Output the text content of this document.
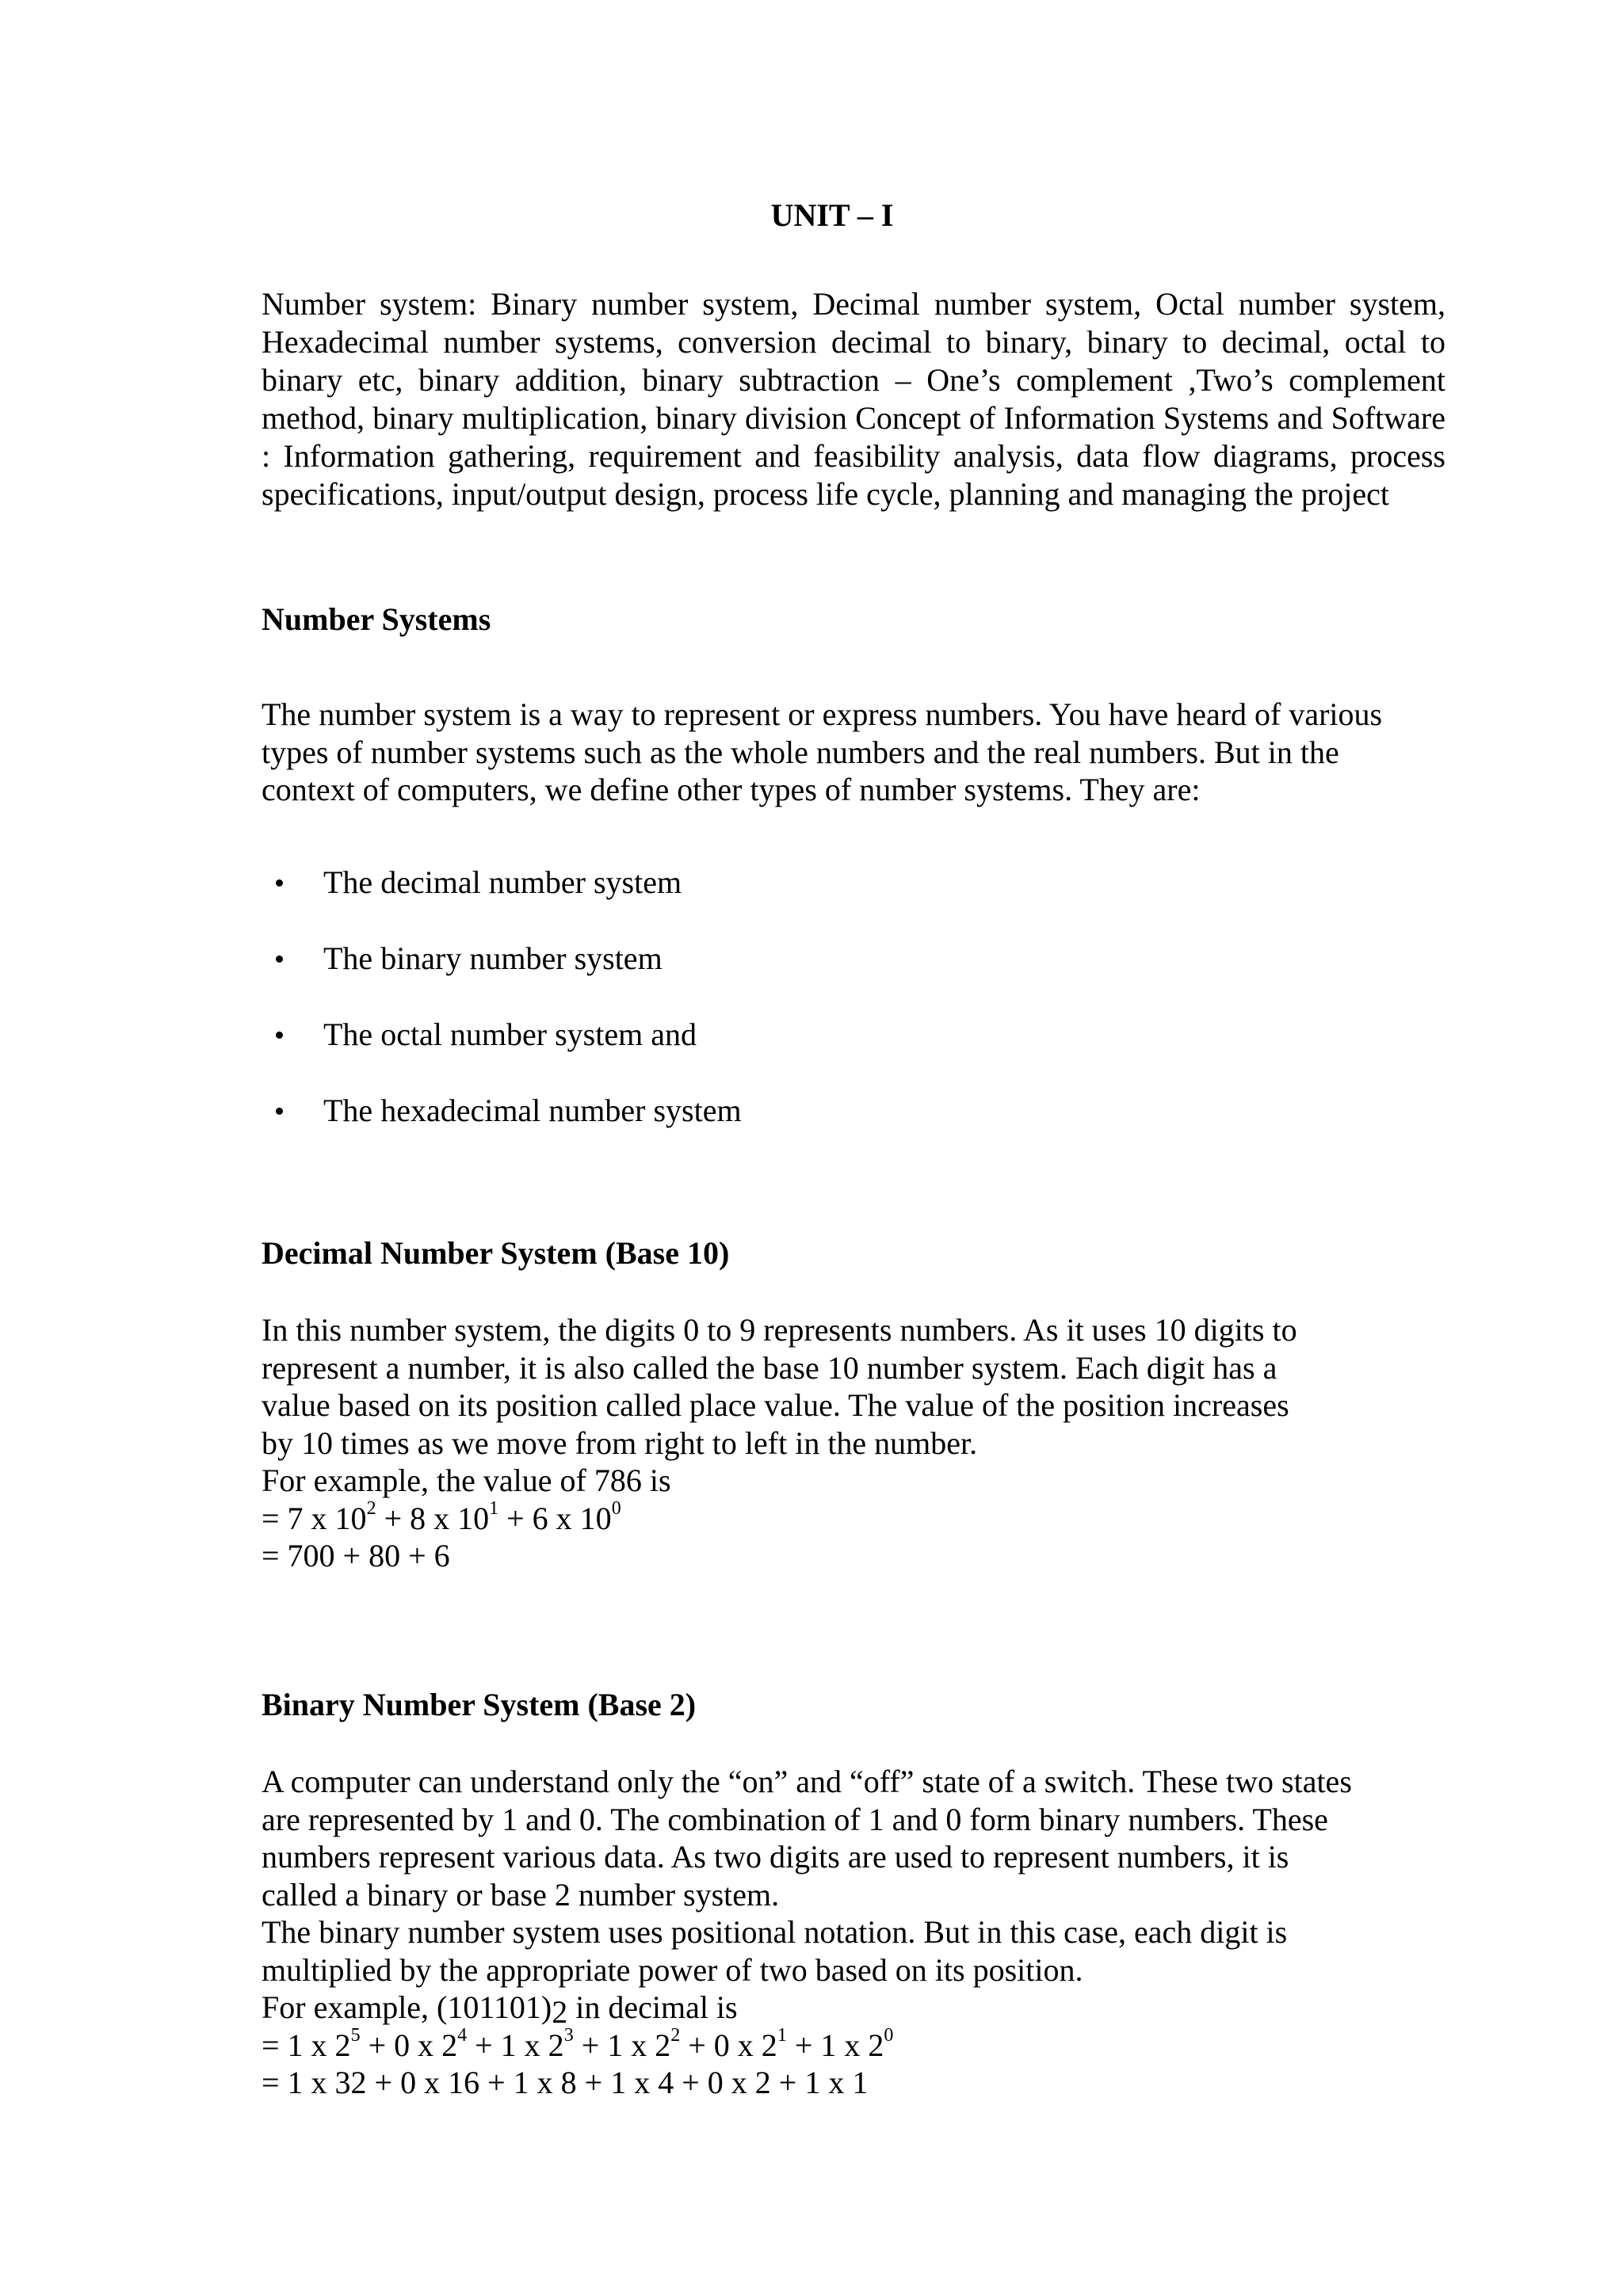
UNIT – I

Number system: Binary number system, Decimal number system, Octal number system, Hexadecimal number systems, conversion decimal to binary, binary to decimal, octal to binary etc, binary addition, binary subtraction – One’s complement ,Two’s complement method, binary multiplication, binary division Concept of Information Systems and Software : Information gathering, requirement and feasibility analysis, data flow diagrams, process specifications, input/output design, process life cycle, planning and managing the project

Number Systems

The number system is a way to represent or express numbers. You have heard of various
types of number systems such as the whole numbers and the real numbers. But in the
context of computers, we define other types of number systems. They are:

The decimal number system
The binary number system
The octal number system and
The hexadecimal number system
Decimal Number System (Base 10)

In this number system, the digits 0 to 9 represents numbers. As it uses 10 digits to
represent a number, it is also called the base 10 number system. Each digit has a
value based on its position called place value. The value of the position increases
by 10 times as we move from right to left in the number.
For example, the value of 786 is
= 7 x $10^2 + 8$ x $10^1 + 6$ x $10^0$
= 700 + 80 + 6

Binary Number System (Base 2)

A computer can understand only the “on” and “off” state of a switch. These two states
are represented by 1 and 0. The combination of 1 and 0 form binary numbers. These
numbers represent various data. As two digits are used to represent numbers, it is
called a binary or base 2 number system.
The binary number system uses positional notation. But in this case, each digit is
multiplied by the appropriate power of two based on its position.
For example, (101101)2 in decimal is
= 1 x $2^5 + 0$ x $2^4 + 1$ x $2^3 + 1$ x $2^2 + 0$ x $2^1 + 1$ x $2^0$
= 1 x 32 + 0 x 16 + 1 x 8 + 1 x 4 + 0 x 2 + 1 x 1
